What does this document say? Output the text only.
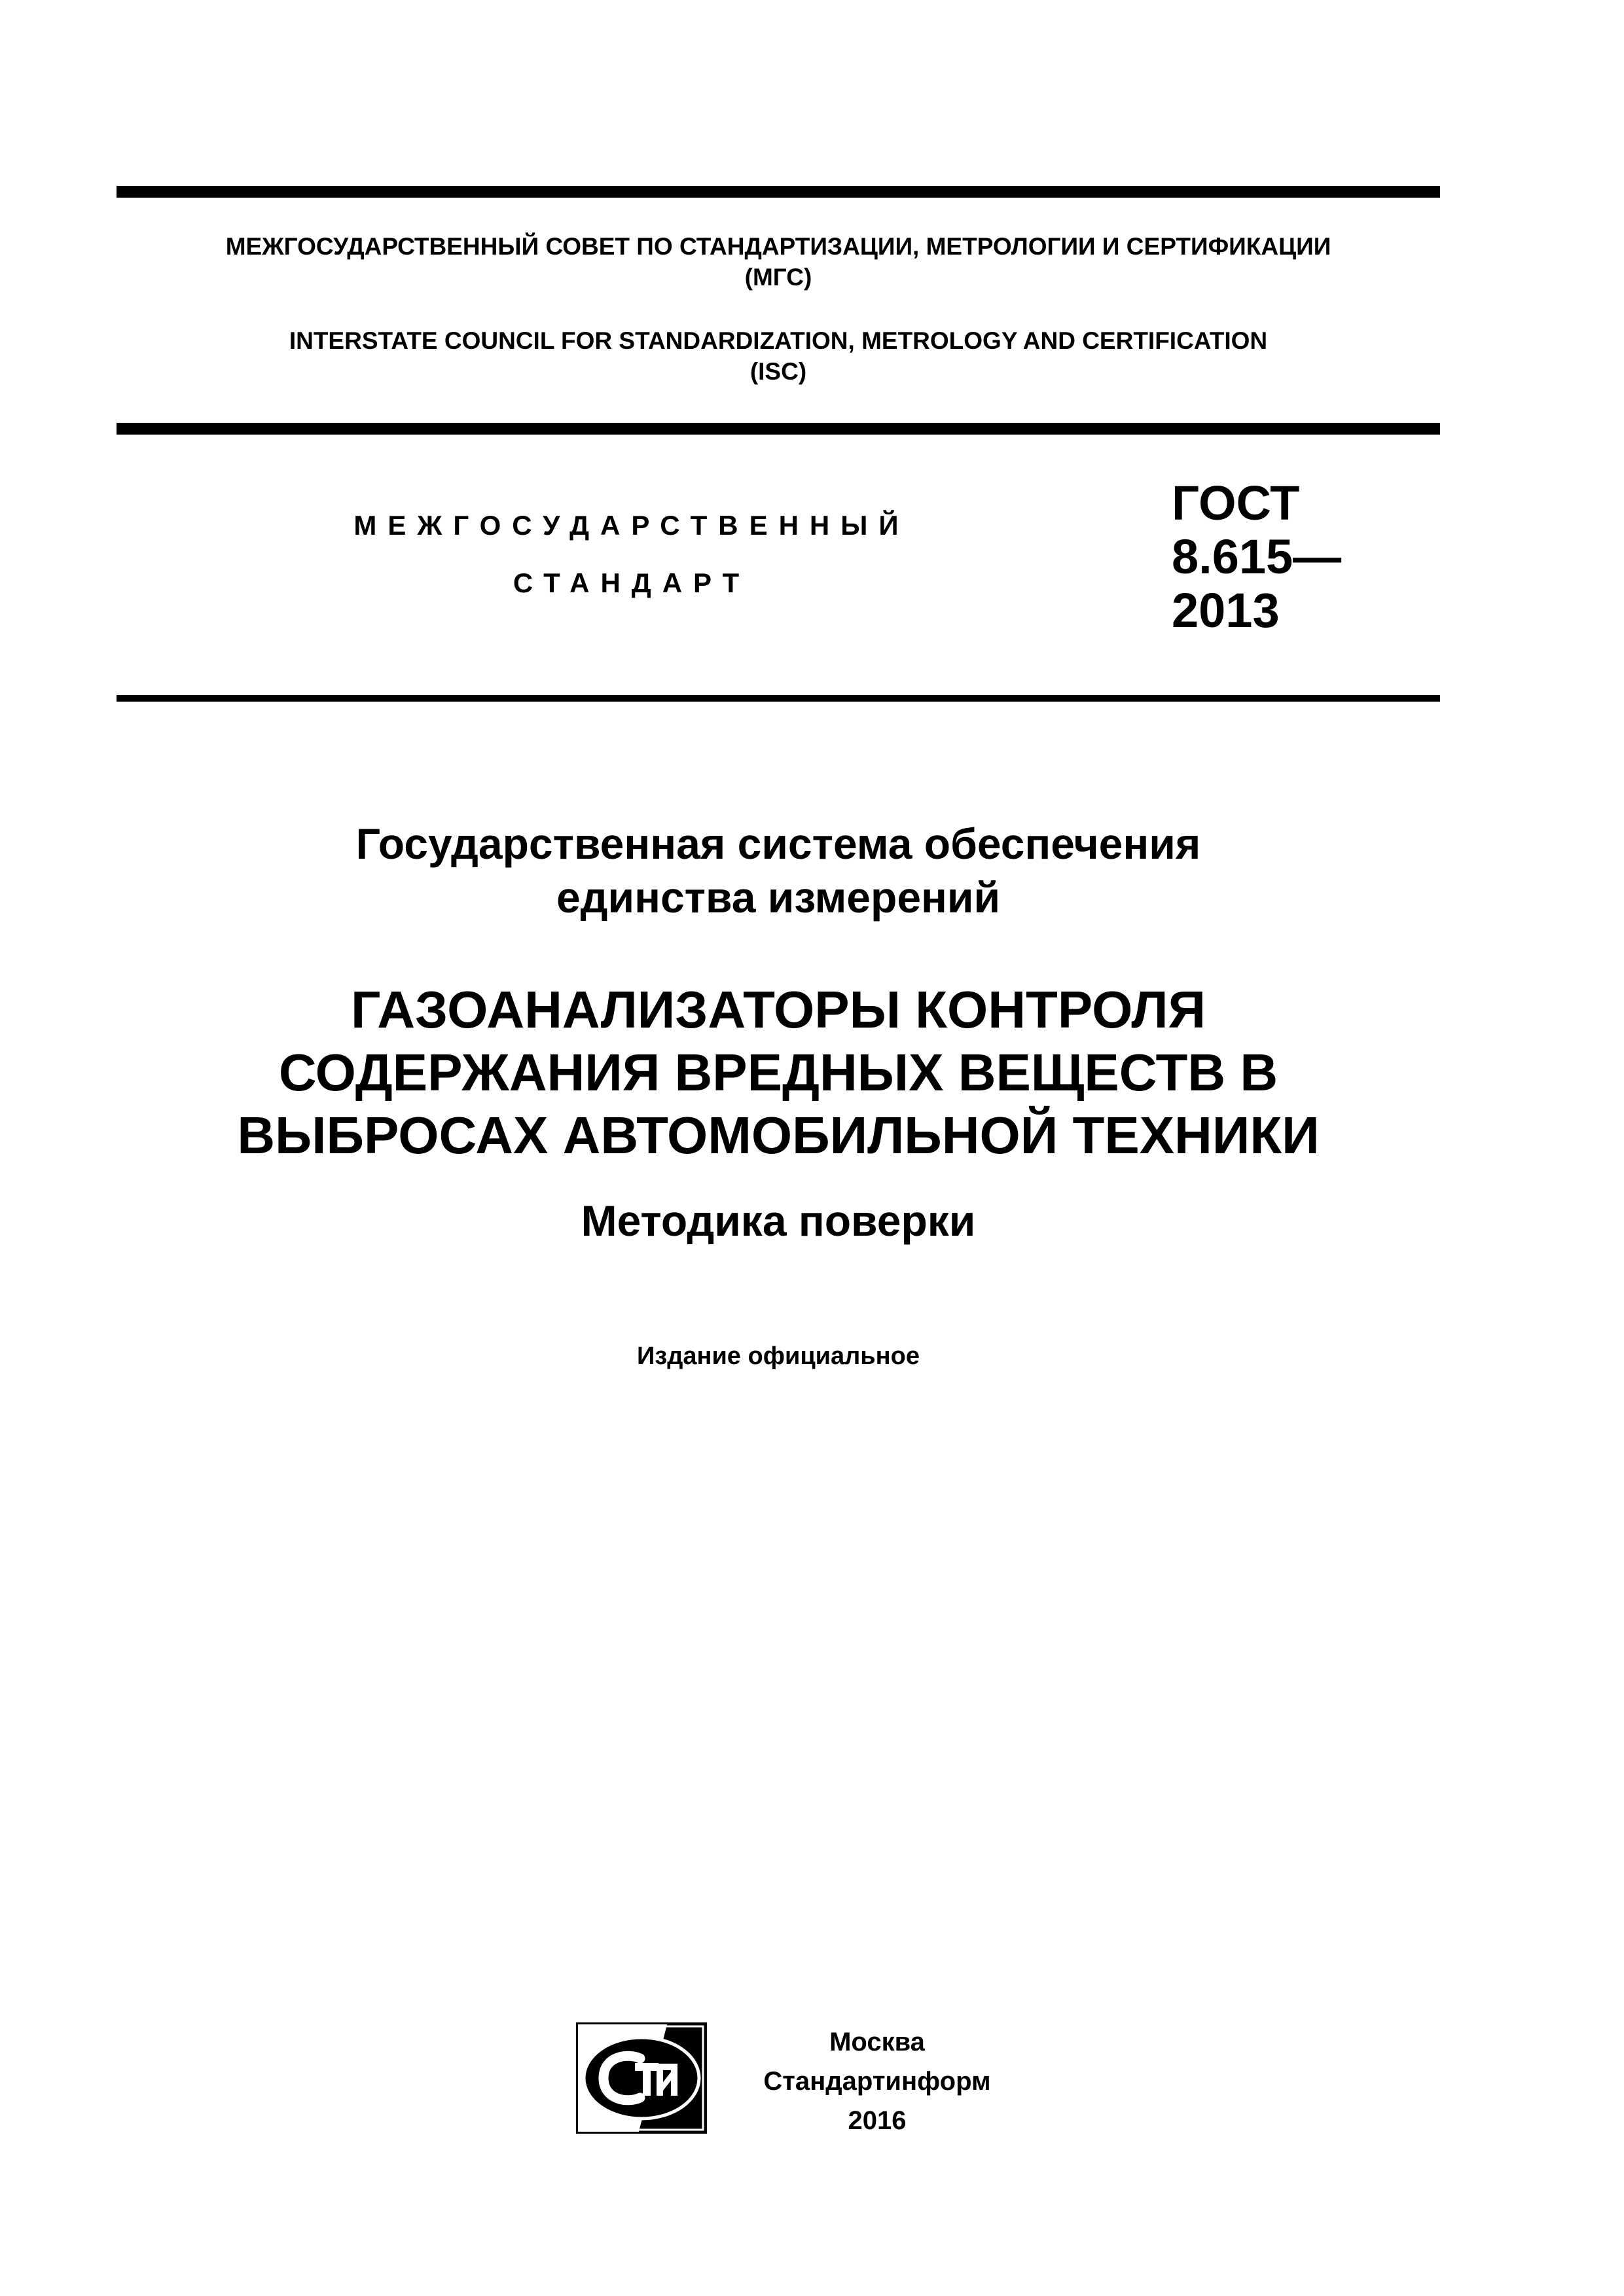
МЕЖГОСУДАРСТВЕННЫЙ СОВЕТ ПО СТАНДАРТИЗАЦИИ, МЕТРОЛОГИИ И СЕРТИФИКАЦИИ
(МГС)

INTERSTATE COUNCIL FOR STANDARDIZATION, METROLOGY AND CERTIFICATION
(ISC)

МЕЖГОСУДАРСТВЕННЫЙ
СТАНДАРТ
ГОСТ
8.615—
2013
Государственная система обеспечения
единства измерений
ГАЗОАНАЛИЗАТОРЫ КОНТРОЛЯ
СОДЕРЖАНИЯ ВРЕДНЫХ ВЕЩЕСТВ В
ВЫБРОСАХ АВТОМОБИЛЬНОЙ ТЕХНИКИ
Методика поверки

Издание официальное

Москва
Стандартинформ
2016
